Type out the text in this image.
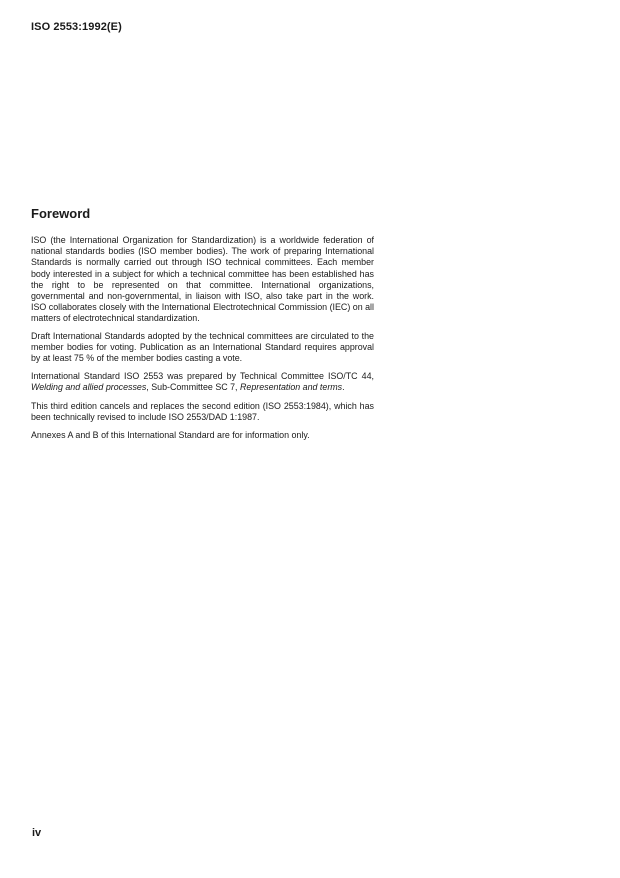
ISO 2553:1992(E)
Foreword

ISO (the International Organization for Standardization) is a worldwide federation of national standards bodies (ISO member bodies). The work of preparing International Standards is normally carried out through ISO technical committees. Each member body interested in a subject for which a technical committee has been established has the right to be represented on that committee. International organizations, governmental and non-governmental, in liaison with ISO, also take part in the work. ISO collaborates closely with the International Electrotechnical Commission (IEC) on all matters of electrotechnical standardization.

Draft International Standards adopted by the technical committees are circulated to the member bodies for voting. Publication as an International Standard requires approval by at least 75 % of the member bodies casting a vote.

International Standard ISO 2553 was prepared by Technical Committee ISO/TC 44, Welding and allied processes, Sub-Committee SC 7, Representation and terms.

This third edition cancels and replaces the second edition (ISO 2553:1984), which has been technically revised to include ISO 2553/DAD 1:1987.

Annexes A and B of this International Standard are for information only.

iv
